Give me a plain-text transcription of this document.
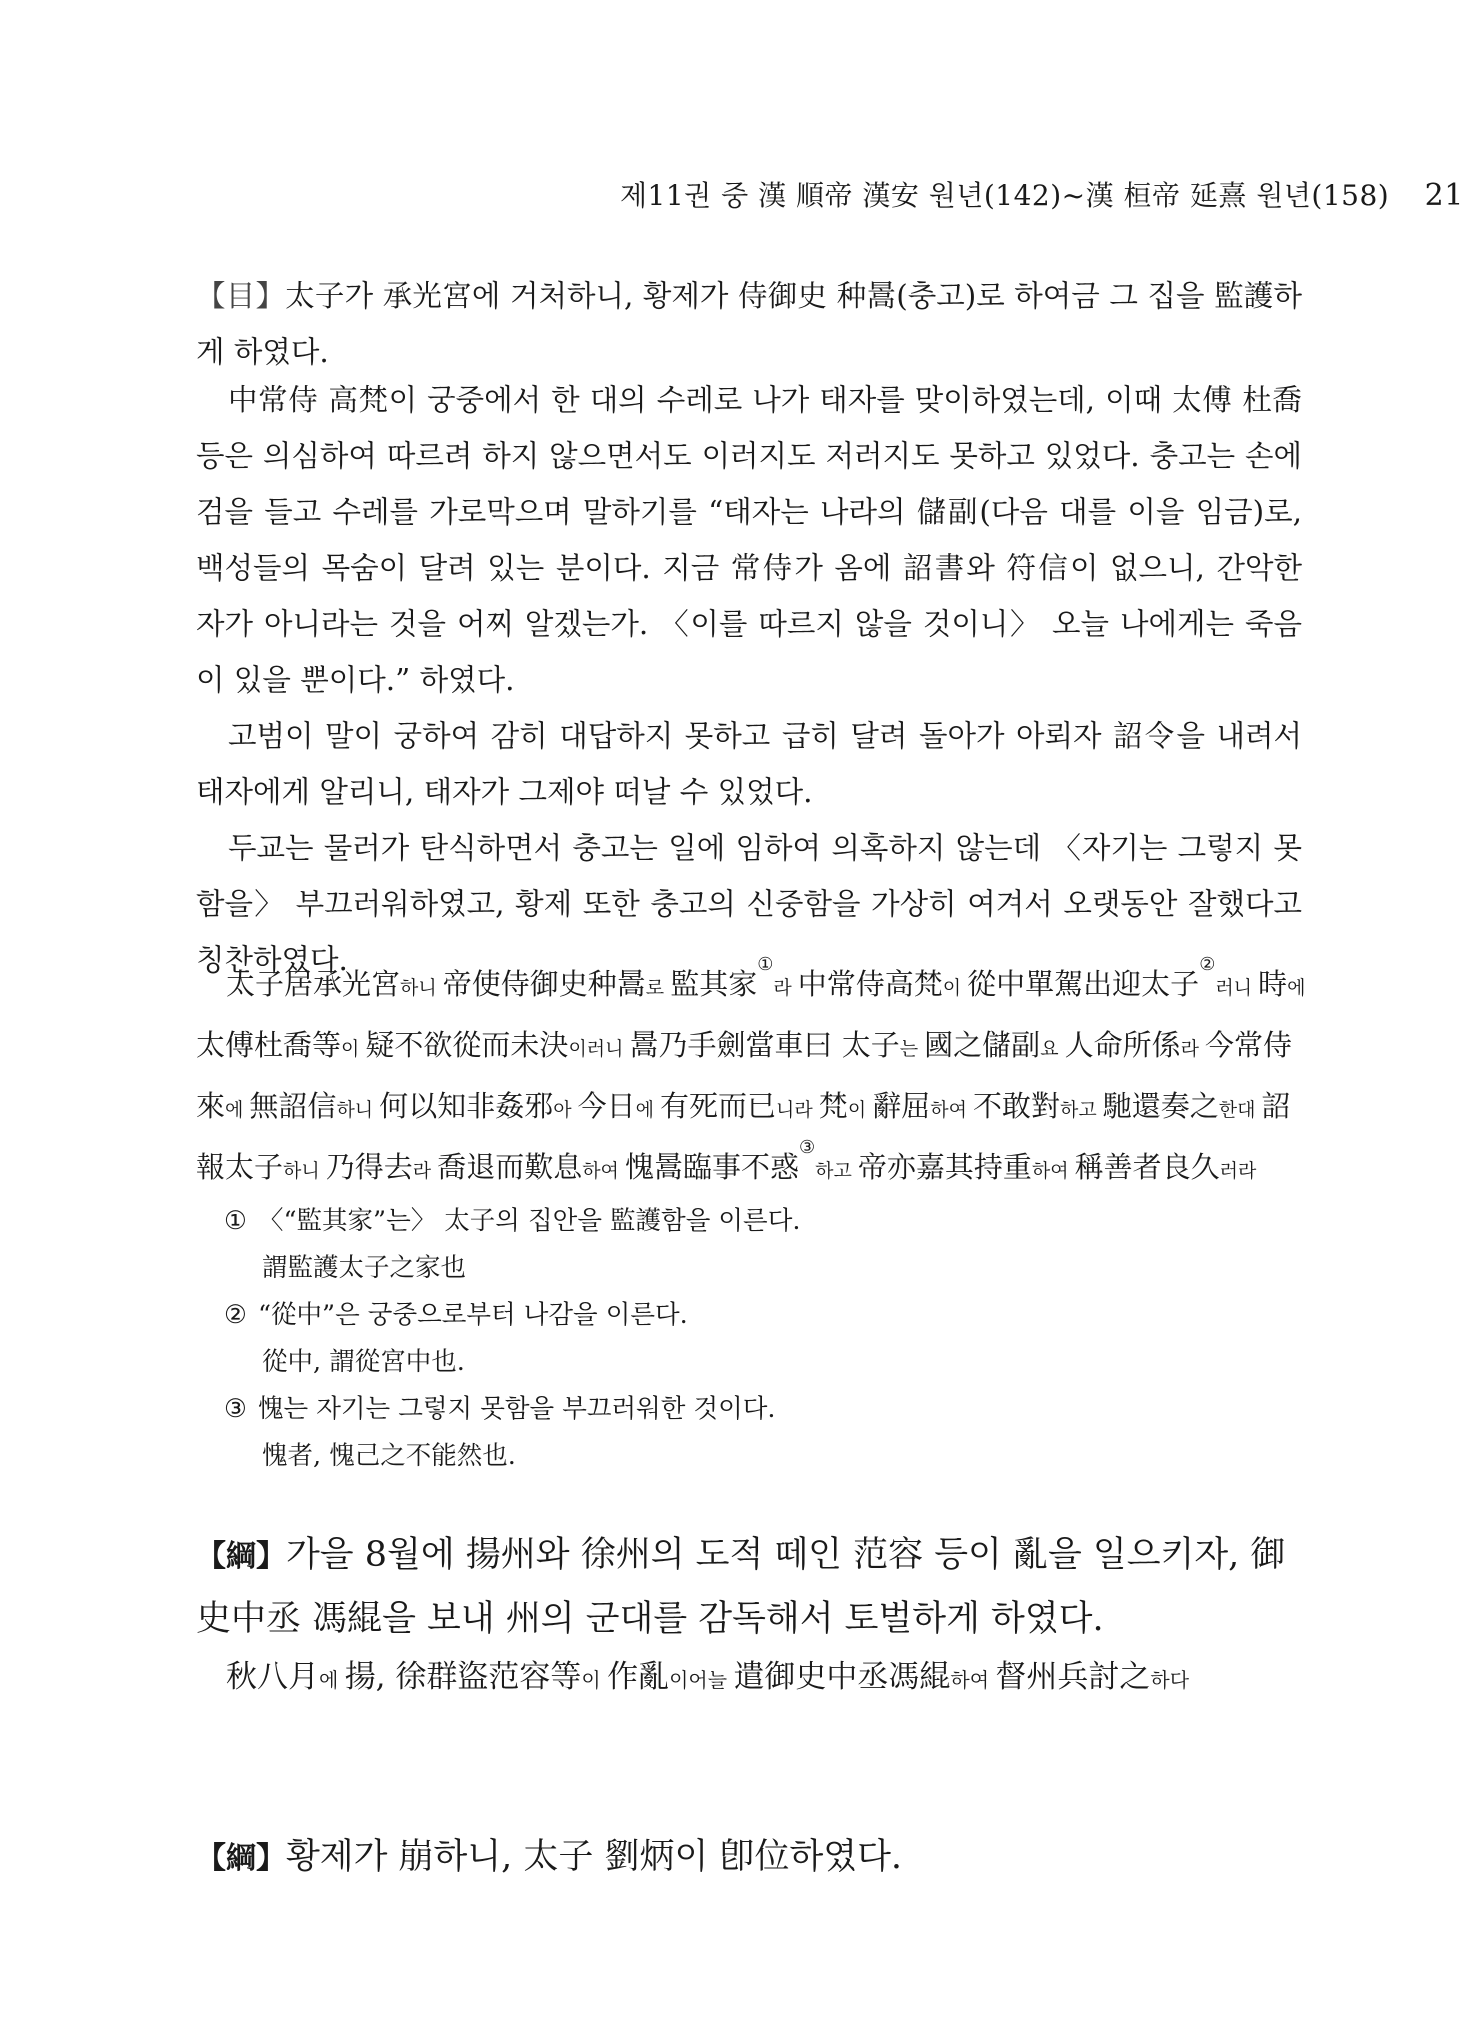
제11권 중 漢 順帝 漢安 원년(142)~漢 桓帝 延熹 원년(158) 21

【目】太子가 承光宮에 거처하니, 황제가 侍御史 种暠(충고)로 하여금 그 집을 監護하게 하였다.

中常侍 高梵이 궁중에서 한 대의 수레로 나가 태자를 맞이하였는데, 이때 太傅 杜喬 등은 의심하여 따르려 하지 않으면서도 이러지도 저러지도 못하고 있었다. 충고는 손에 검을 들고 수레를 가로막으며 말하기를 “태자는 나라의 儲副(다음 대를 이을 임금)로, 백성들의 목숨이 달려 있는 분이다. 지금 常侍가 옴에 詔書와 符信이 없으니, 간악한 자가 아니라는 것을 어찌 알겠는가. 〈이를 따르지 않을 것이니〉 오늘 나에게는 죽음이 있을 뿐이다.” 하였다.

고범이 말이 궁하여 감히 대답하지 못하고 급히 달려 돌아가 아뢰자 詔令을 내려서 태자에게 알리니, 태자가 그제야 떠날 수 있었다.

두교는 물러가 탄식하면서 충고는 일에 임하여 의혹하지 않는데 〈자기는 그렇지 못함을〉 부끄러워하였고, 황제 또한 충고의 신중함을 가상히 여겨서 오랫동안 잘했다고 칭찬하였다.

太子居承光宮하니 帝使侍御史种暠로 監其家①라 中常侍高梵이 從中單駕出迎太子②러니 時에 太傅杜喬等이 疑不欲從而未決이러니 暠乃手劍當車曰 太子는 國之儲副요 人命所係라 今常侍來에 無詔信하니 何以知非姦邪아 今日에 有死而已니라 梵이 辭屈하여 不敢對하고 馳還奏之한대 詔報太子하니 乃得去라 喬退而歎息하여 愧暠臨事不惑③하고 帝亦嘉其持重하여 稱善者良久러라
① 〈“監其家”는〉 太子의 집안을 監護함을 이른다.
謂監護太子之家也
② “從中”은 궁중으로부터 나감을 이른다.
從中, 謂從宮中也.
③ 愧는 자기는 그렇지 못함을 부끄러워한 것이다.
愧者, 愧己之不能然也.
【綱】가을 8월에 揚州와 徐州의 도적 떼인 范容 등이 亂을 일으키자, 御史中丞 馮緄을 보내 州의 군대를 감독해서 토벌하게 하였다.
秋八月에 揚, 徐群盜范容等이 作亂이어늘 遣御史中丞馮緄하여 督州兵討之하다
【綱】황제가 崩하니, 太子 劉炳이 卽位하였다.
